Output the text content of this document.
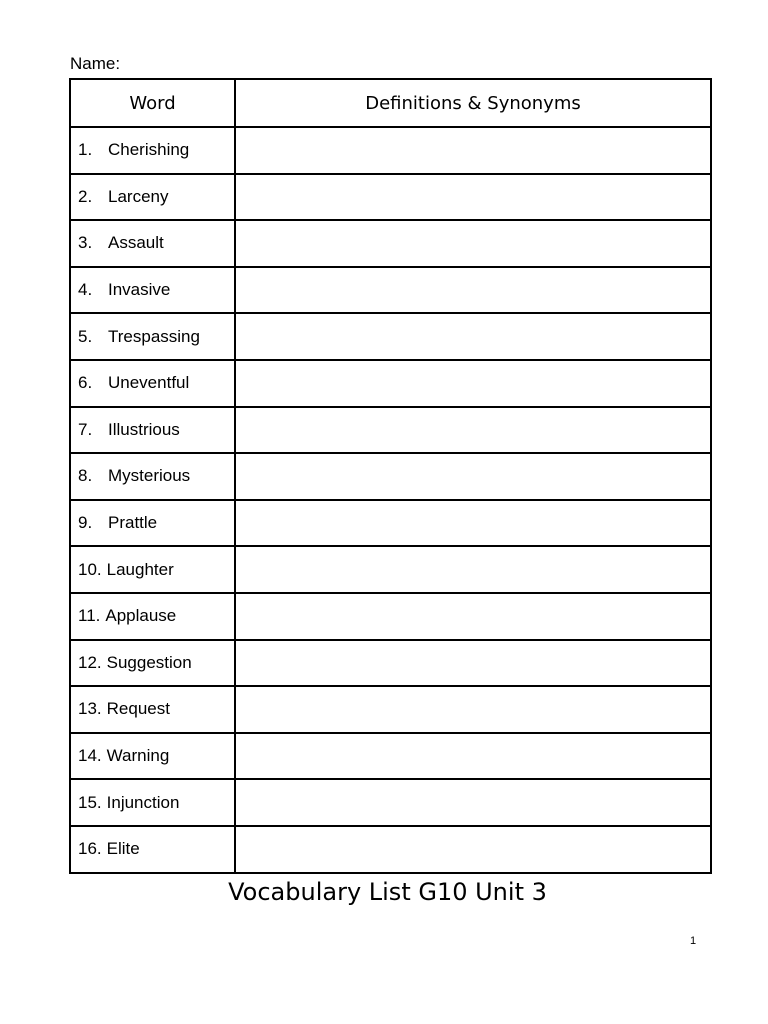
Name:
Word	Definitions & Synonyms
1. Cherishing	
2. Larceny	
3. Assault	
4. Invasive	
5. Trespassing	
6. Uneventful	
7. Illustrious	
8. Mysterious	
9. Prattle	
10. Laughter	
11. Applause	
12. Suggestion	
13. Request	
14. Warning	
15. Injunction	
16. Elite	
Vocabulary List G10 Unit 3
1
